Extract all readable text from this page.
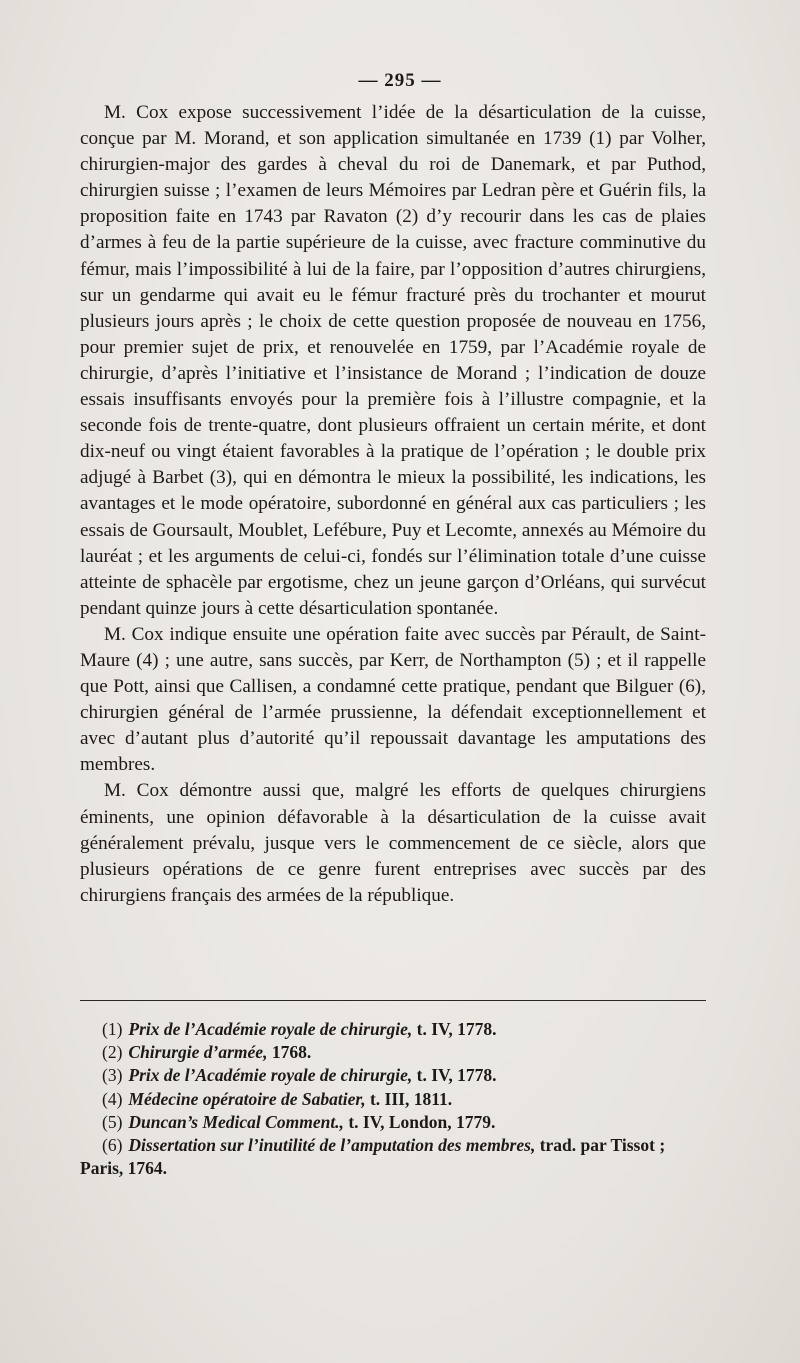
— 295 —

M. Cox expose successivement l’idée de la désarticulation de la cuisse, conçue par M. Morand, et son application simultanée en 1739 (1) par Volher, chirurgien-major des gardes à cheval du roi de Danemark, et par Puthod, chirurgien suisse ; l’examen de leurs Mémoires par Ledran père et Guérin fils, la proposition faite en 1743 par Ravaton (2) d’y recourir dans les cas de plaies d’armes à feu de la partie supérieure de la cuisse, avec fracture comminutive du fémur, mais l’impossibilité à lui de la faire, par l’opposition d’autres chirurgiens, sur un gendarme qui avait eu le fémur fracturé près du trochanter et mourut plusieurs jours après ; le choix de cette question proposée de nouveau en 1756, pour premier sujet de prix, et renouvelée en 1759, par l’Académie royale de chirurgie, d’après l’initiative et l’insistance de Morand ; l’indication de douze essais insuffisants envoyés pour la première fois à l’illustre compagnie, et la seconde fois de trente-quatre, dont plusieurs offraient un certain mérite, et dont dix-neuf ou vingt étaient favorables à la pratique de l’opération ; le double prix adjugé à Barbet (3), qui en démontra le mieux la possibilité, les indications, les avantages et le mode opératoire, subordonné en général aux cas particuliers ; les essais de Goursault, Moublet, Lefébure, Puy et Lecomte, annexés au Mémoire du lauréat ; et les arguments de celui-ci, fondés sur l’élimination totale d’une cuisse atteinte de sphacèle par ergotisme, chez un jeune garçon d’Orléans, qui survécut pendant quinze jours à cette désarticulation spontanée.

M. Cox indique ensuite une opération faite avec succès par Pérault, de Saint-Maure (4) ; une autre, sans succès, par Kerr, de Northampton (5) ; et il rappelle que Pott, ainsi que Callisen, a condamné cette pratique, pendant que Bilguer (6), chirurgien général de l’armée prussienne, la défendait exceptionnellement et avec d’autant plus d’autorité qu’il repoussait davantage les amputations des membres.

M. Cox démontre aussi que, malgré les efforts de quelques chirurgiens éminents, une opinion défavorable à la désarticulation de la cuisse avait généralement prévalu, jusque vers le commencement de ce siècle, alors que plusieurs opérations de ce genre furent entreprises avec succès par des chirurgiens français des armées de la république.

(1) Prix de l’Académie royale de chirurgie, t. IV, 1778.
(2) Chirurgie d’armée, 1768.
(3) Prix de l’Académie royale de chirurgie, t. IV, 1778.
(4) Médecine opératoire de Sabatier, t. III, 1811.
(5) Duncan’s Medical Comment., t. IV, London, 1779.
(6) Dissertation sur l’inutilité de l’amputation des membres, trad. par Tissot ; Paris, 1764.
